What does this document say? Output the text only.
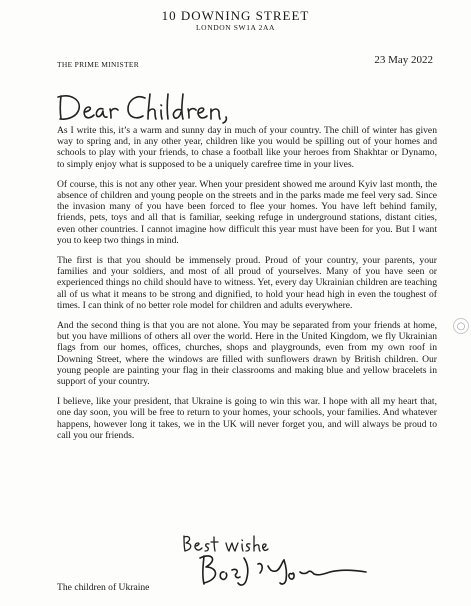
10 DOWNING STREET
LONDON SW1A 2AA
THE PRIME MINISTER	23 May 2022

As I write this, it’s a warm and sunny day in much of your country. The chill of winter has given way to spring and, in any other year, children like you would be spilling out of your homes and schools to play with your friends, to chase a football like your heroes from Shakhtar or Dynamo, to simply enjoy what is supposed to be a uniquely carefree time in your lives.

Of course, this is not any other year. When your president showed me around Kyiv last month, the absence of children and young people on the streets and in the parks made me feel very sad. Since the invasion many of you have been forced to flee your homes. You have left behind family, friends, pets, toys and all that is familiar, seeking refuge in underground stations, distant cities, even other countries. I cannot imagine how difficult this year must have been for you. But I want you to keep two things in mind.

The first is that you should be immensely proud. Proud of your country, your parents, your families and your soldiers, and most of all proud of yourselves. Many of you have seen or experienced things no child should have to witness. Yet, every day Ukrainian children are teaching all of us what it means to be strong and dignified, to hold your head high in even the toughest of times. I can think of no better role model for children and adults everywhere.

And the second thing is that you are not alone. You may be separated from your friends at home, but you have millions of others all over the world. Here in the United Kingdom, we fly Ukrainian flags from our homes, offices, churches, shops and playgrounds, even from my own roof in Downing Street, where the windows are filled with sunflowers drawn by British children. Our young people are painting your flag in their classrooms and making blue and yellow bracelets in support of your country.

I believe, like your president, that Ukraine is going to win this war. I hope with all my heart that, one day soon, you will be free to return to your homes, your schools, your families. And whatever happens, however long it takes, we in the UK will never forget you, and will always be proud to call you our friends.

The children of Ukraine
○
